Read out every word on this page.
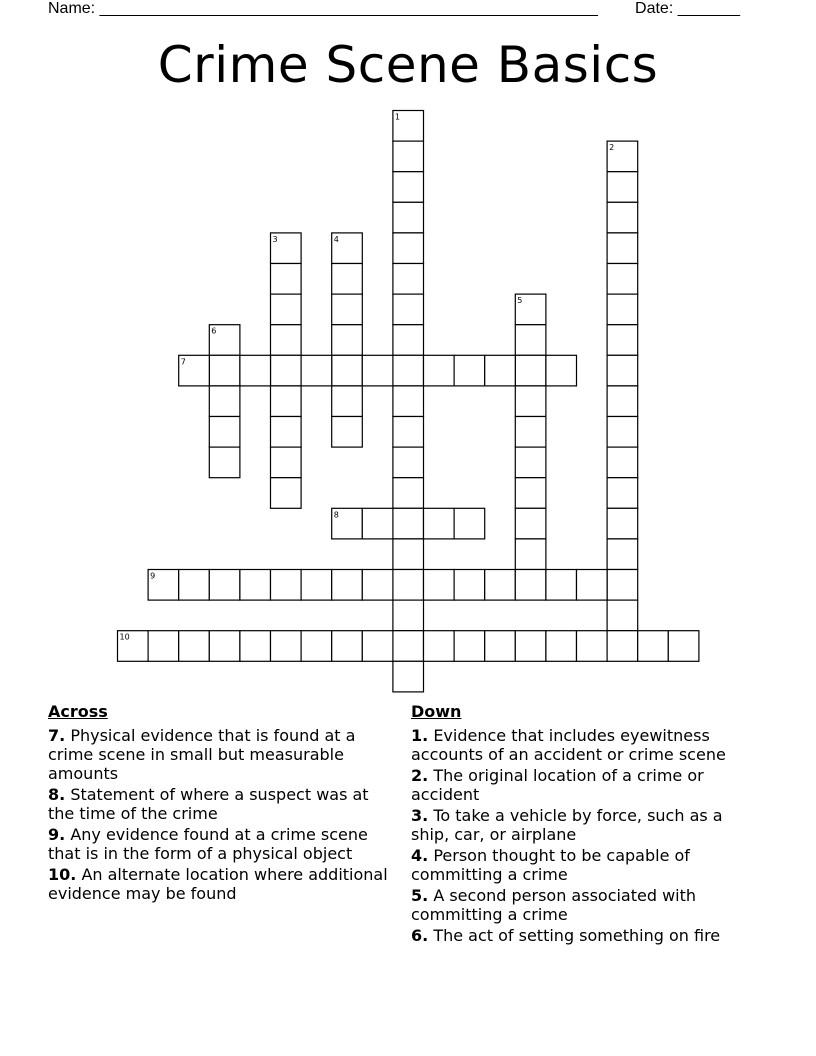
Name: ________________________________________________________ Date: _______
Crime Scene Basics
1
2
3	4
5
6
7
8
9
10
Across
7. Physical evidence that is found at a crime scene in small but measurable amounts
8. Statement of where a suspect was at the time of the crime
9. Any evidence found at a crime scene that is in the form of a physical object
10. An alternate location where additional evidence may be found
Down
1. Evidence that includes eyewitness accounts of an accident or crime scene
2. The original location of a crime or accident
3. To take a vehicle by force, such as a ship, car, or airplane
4. Person thought to be capable of committing a crime
5. A second person associated with committing a crime
6. The act of setting something on fire
